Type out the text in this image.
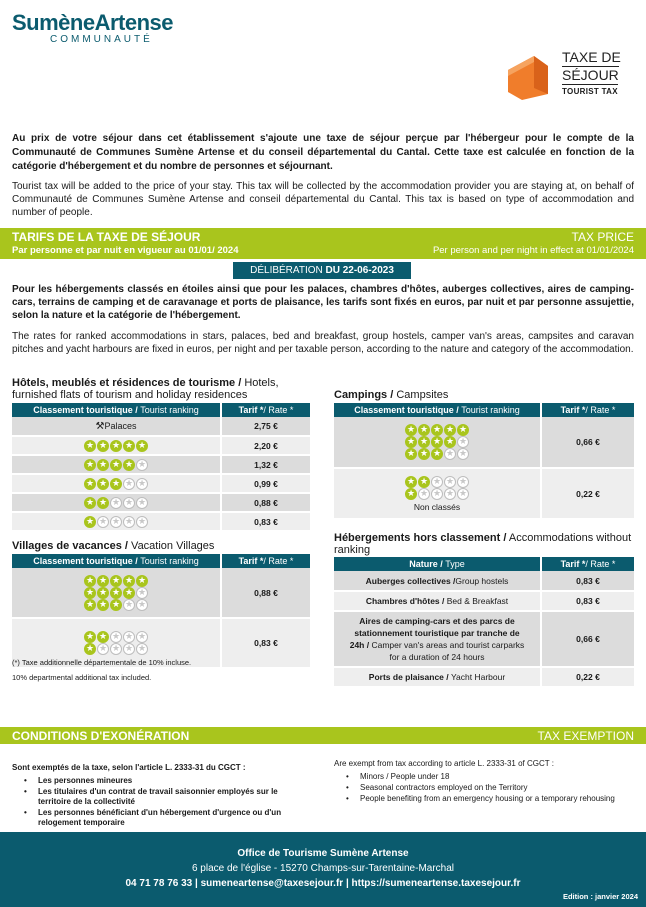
SumèneArtense
COMMUNAUTÉ
TAXE DE
SÉJOUR
TOURIST TAX

Au prix de votre séjour dans cet établissement s'ajoute une taxe de séjour perçue par l'hébergeur pour le compte de la Communauté de Communes Sumène Artense et du conseil départemental du Cantal. Cette taxe est calculée en fonction de la catégorie d'hébergement et du nombre de personnes et séjournant.

Tourist tax will be added to the price of your stay. This tax will be collected by the accommodation provider you are staying at, on behalf of Communauté de Communes Sumène Artense and conseil départemental du Cantal. This tax is based on type of accommodation and number of people.

TARIFS DE LA TAXE DE SÉJOUR
Par personne et par nuit en vigueur au 01/01/ 2024
TAX PRICE
Per person and per night in effect at 01/01/2024
DÉLIBÉRATION DU 22-06-2023

Pour les hébergements classés en étoiles ainsi que pour les palaces, chambres d'hôtes, auberges collectives, aires de camping-cars, terrains de camping et de caravanage et ports de plaisance, les tarifs sont fixés en euros, par nuit et par personne assujettie, selon la nature et la catégorie de l'hébergement.

The rates for ranked accommodations in stars, palaces, bed and breakfast, group hostels, camper van's areas, campsites and caravan pitches and yacht harbours are fixed in euros, per night and per taxable person, according to the nature and category of the accommodation.

Hôtels, meublés et résidences de tourisme / Hotels, furnished flats of tourism and holiday residences
Classement touristique / Tourist ranking	Tarif */ Rate *
⚒Palaces	2,75 €
★★★★★	2,20 €
★★★★★	1,32 €
★★★★★	0,99 €
★★★★★	0,88 €
★★★★★	0,83 €
Villages de vacances / Vacation Villages
Classement touristique / Tourist ranking	Tarif */ Rate *

★★★★★
★★★★★
★★★★★
	0,88 €

★★★★★
★★★★★
	0,83 €
(*) Taxe additionnelle départementale de 10% incluse.
10% departmental additional tax included.
Campings / Campsites
Classement touristique / Tourist ranking	Tarif */ Rate *

★★★★★
★★★★★
★★★★★
	0,66 €

★★★★★
★★★★★
Non classés	0,22 €
Hébergements hors classement / Accommodations without ranking
Nature / Type	Tarif */ Rate *
Auberges collectives /Group hostels	0,83 €
Chambres d'hôtes / Bed & Breakfast	0,83 €
Aires de camping-cars et des parcs de stationnement touristique par tranche de 24h / Camper van's areas and tourist carparks for a duration of 24 hours	0,66 €
Ports de plaisance / Yacht Harbour	0,22 €
CONDITIONS D'EXONÉRATION	TAX EXEMPTION
Sont exemptés de la taxe, selon l'article L. 2333-31 du CGCT :
• Les personnes mineures
• Les titulaires d'un contrat de travail saisonnier employés sur le territoire de la collectivité
• Les personnes bénéficiant d'un hébergement d'urgence ou d'un relogement temporaire
Are exempt from tax according to article L. 2333-31 of CGCT :
• Minors / People under 18
• Seasonal contractors employed on the Territory
• People benefiting from an emergency housing or a temporary rehousing
Office de Tourisme Sumène Artense
6 place de l'église - 15270 Champs-sur-Tarentaine-Marchal
04 71 78 76 33 | sumeneartense@taxesejour.fr | https://sumeneartense.taxesejour.fr
Edition : janvier 2024
